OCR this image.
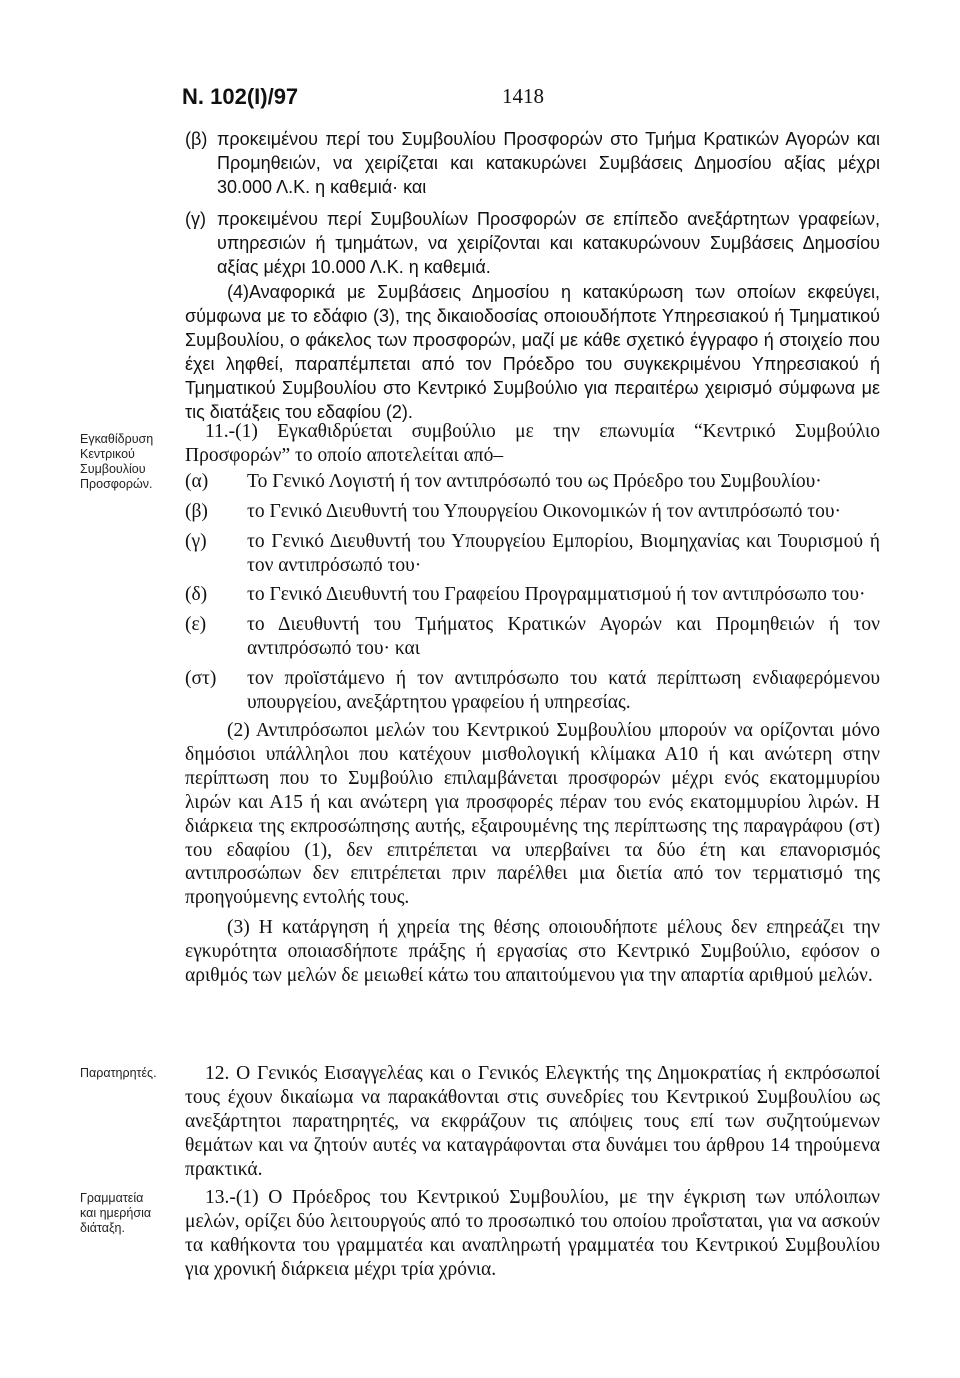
Ν. 102(Ι)/97	1418
(β) προκειμένου περί του Συμβουλίου Προσφορών στο Τμήμα Κρατικών Αγορών και Προμηθειών, να χειρίζεται και κατακυρώνει Συμβάσεις Δημοσίου αξίας μέχρι 30.000 Λ.Κ. η καθεμιά· και
(γ) προκειμένου περί Συμβουλίων Προσφορών σε επίπεδο ανεξάρτητων γραφείων, υπηρεσιών ή τμημάτων, να χειρίζονται και κατακυρώνουν Συμβάσεις Δημοσίου αξίας μέχρι 10.000 Λ.Κ. η καθεμιά.

(4)Αναφορικά με Συμβάσεις Δημοσίου η κατακύρωση των οποίων εκφεύγει, σύμφωνα με το εδάφιο (3), της δικαιοδοσίας οποιουδήποτε Υπηρεσιακού ή Τμηματικού Συμβουλίου, ο φάκελος των προσφορών, μαζί με κάθε σχετικό έγγραφο ή στοιχείο που έχει ληφθεί, παραπέμπεται από τον Πρόεδρο του συγκεκριμένου Υπηρεσιακού ή Τμηματικού Συμβουλίου στο Κεντρικό Συμβούλιο για περαιτέρω χειρισμό σύμφωνα με τις διατάξεις του εδαφίου (2).

Εγκαθίδρυση
Κεντρικού
Συμβουλίου
Προσφορών.

11.-(1) Εγκαθιδρύεται συμβούλιο με την επωνυμία “Κεντρικό Συμβούλιο Προσφορών” το οποίο αποτελείται από–

(α)	Το Γενικό Λογιστή ή τον αντιπρόσωπό του ως Πρόεδρο του Συμβουλίου·
(β)	το Γενικό Διευθυντή του Υπουργείου Οικονομικών ή τον αντιπρόσωπό του·
(γ)	το Γενικό Διευθυντή του Υπουργείου Εμπορίου, Βιομηχανίας και Τουρισμού ή τον αντιπρόσωπό του·
(δ)	το Γενικό Διευθυντή του Γραφείου Προγραμματισμού ή τον αντιπρόσωπο του·
(ε)	το Διευθυντή του Τμήματος Κρατικών Αγορών και Προμηθειών ή τον αντιπρόσωπό του· και
(στ)	τον προϊστάμενο ή τον αντιπρόσωπο του κατά περίπτωση ενδιαφερόμενου υπουργείου, ανεξάρτητου γραφείου ή υπηρεσίας.

(2) Αντιπρόσωποι μελών του Κεντρικού Συμβουλίου μπορούν να ορίζονται μόνο δημόσιοι υπάλληλοι που κατέχουν μισθολογική κλίμακα Α10 ή και ανώτερη στην περίπτωση που το Συμβούλιο επιλαμβάνεται προσφορών μέχρι ενός εκατομμυρίου λιρών και Α15 ή και ανώτερη για προσφορές πέραν του ενός εκατομμυρίου λιρών. Η διάρκεια της εκπροσώπησης αυτής, εξαιρουμένης της περίπτωσης της παραγράφου (στ) του εδαφίου (1), δεν επιτρέπεται να υπερβαίνει τα δύο έτη και επανορισμός αντιπροσώπων δεν επιτρέπεται πριν παρέλθει μια διετία από τον τερματισμό της προηγούμενης εντολής τους.

(3) Η κατάργηση ή χηρεία της θέσης οποιουδήποτε μέλους δεν επηρεάζει την εγκυρότητα οποιασδήποτε πράξης ή εργασίας στο Κεντρικό Συμβούλιο, εφόσον ο αριθμός των μελών δε μειωθεί κάτω του απαιτούμενου για την απαρτία αριθμού μελών.

Παρατηρητές.	12. Ο Γενικός Εισαγγελέας και ο Γενικός Ελεγκτής της Δημοκρατίας ή εκπρόσωποί τους έχουν δικαίωμα να παρακάθονται στις συνεδρίες του Κεντρικού Συμβουλίου ως ανεξάρτητοι παρατηρητές, να εκφράζουν τις απόψεις τους επί των συζητούμενων θεμάτων και να ζητούν αυτές να καταγράφονται στα δυνάμει του άρθρου 14 τηρούμενα πρακτικά.

Γραμματεία
και ημερήσια
διάταξη.

13.-(1) Ο Πρόεδρος του Κεντρικού Συμβουλίου, με την έγκριση των υπόλοιπων μελών, ορίζει δύο λειτουργούς από το προσωπικό του οποίου προΐσταται, για να ασκούν τα καθήκοντα του γραμματέα και αναπληρωτή γραμματέα του Κεντρικού Συμβουλίου για χρονική διάρκεια μέχρι τρία χρόνια.
